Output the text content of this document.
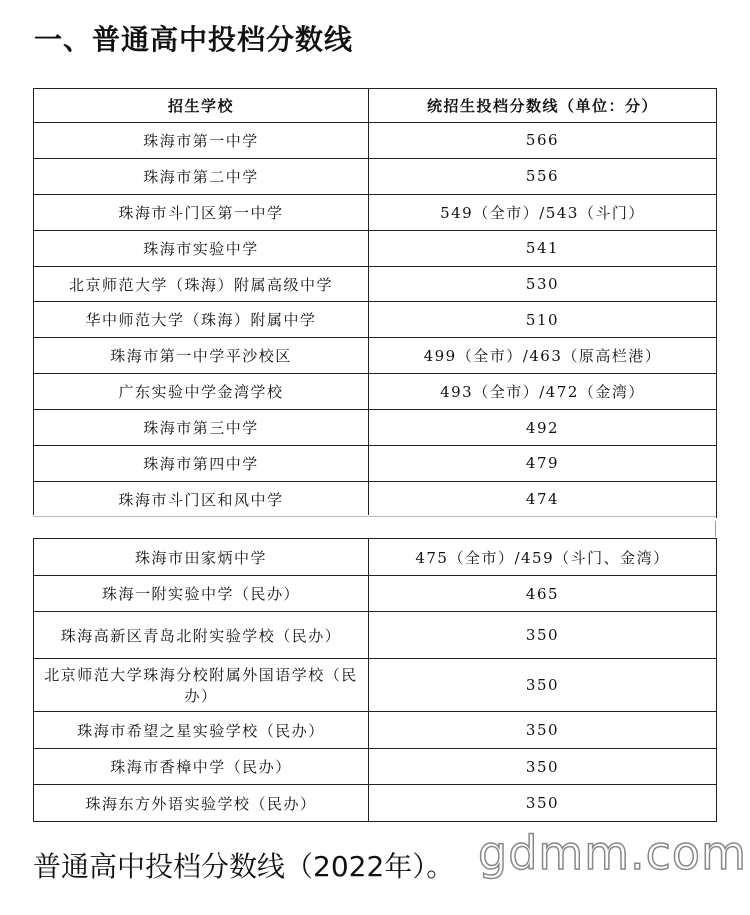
一、普通高中投档分数线
招生学校	统招生投档分数线（单位：分）
珠海市第一中学	566
珠海市第二中学	556
珠海市斗门区第一中学	549（全市）/543（斗门）
珠海市实验中学	541
北京师范大学（珠海）附属高级中学	530
华中师范大学（珠海）附属中学	510
珠海市第一中学平沙校区	499（全市）/463（原高栏港）
广东实验中学金湾学校	493（全市）/472（金湾）
珠海市第三中学	492
珠海市第四中学	479
珠海市斗门区和风中学	474
珠海市田家炳中学	475（全市）/459（斗门、金湾）
珠海一附实验中学（民办）	465
珠海高新区青岛北附实验学校（民办）	350
北京师范大学珠海分校附属外国语学校（民办）	350
珠海市希望之星实验学校（民办）	350
珠海市香樟中学（民办）	350
珠海东方外语实验学校（民办）	350
普通高中投档分数线（2022年）。 gdmm.com
